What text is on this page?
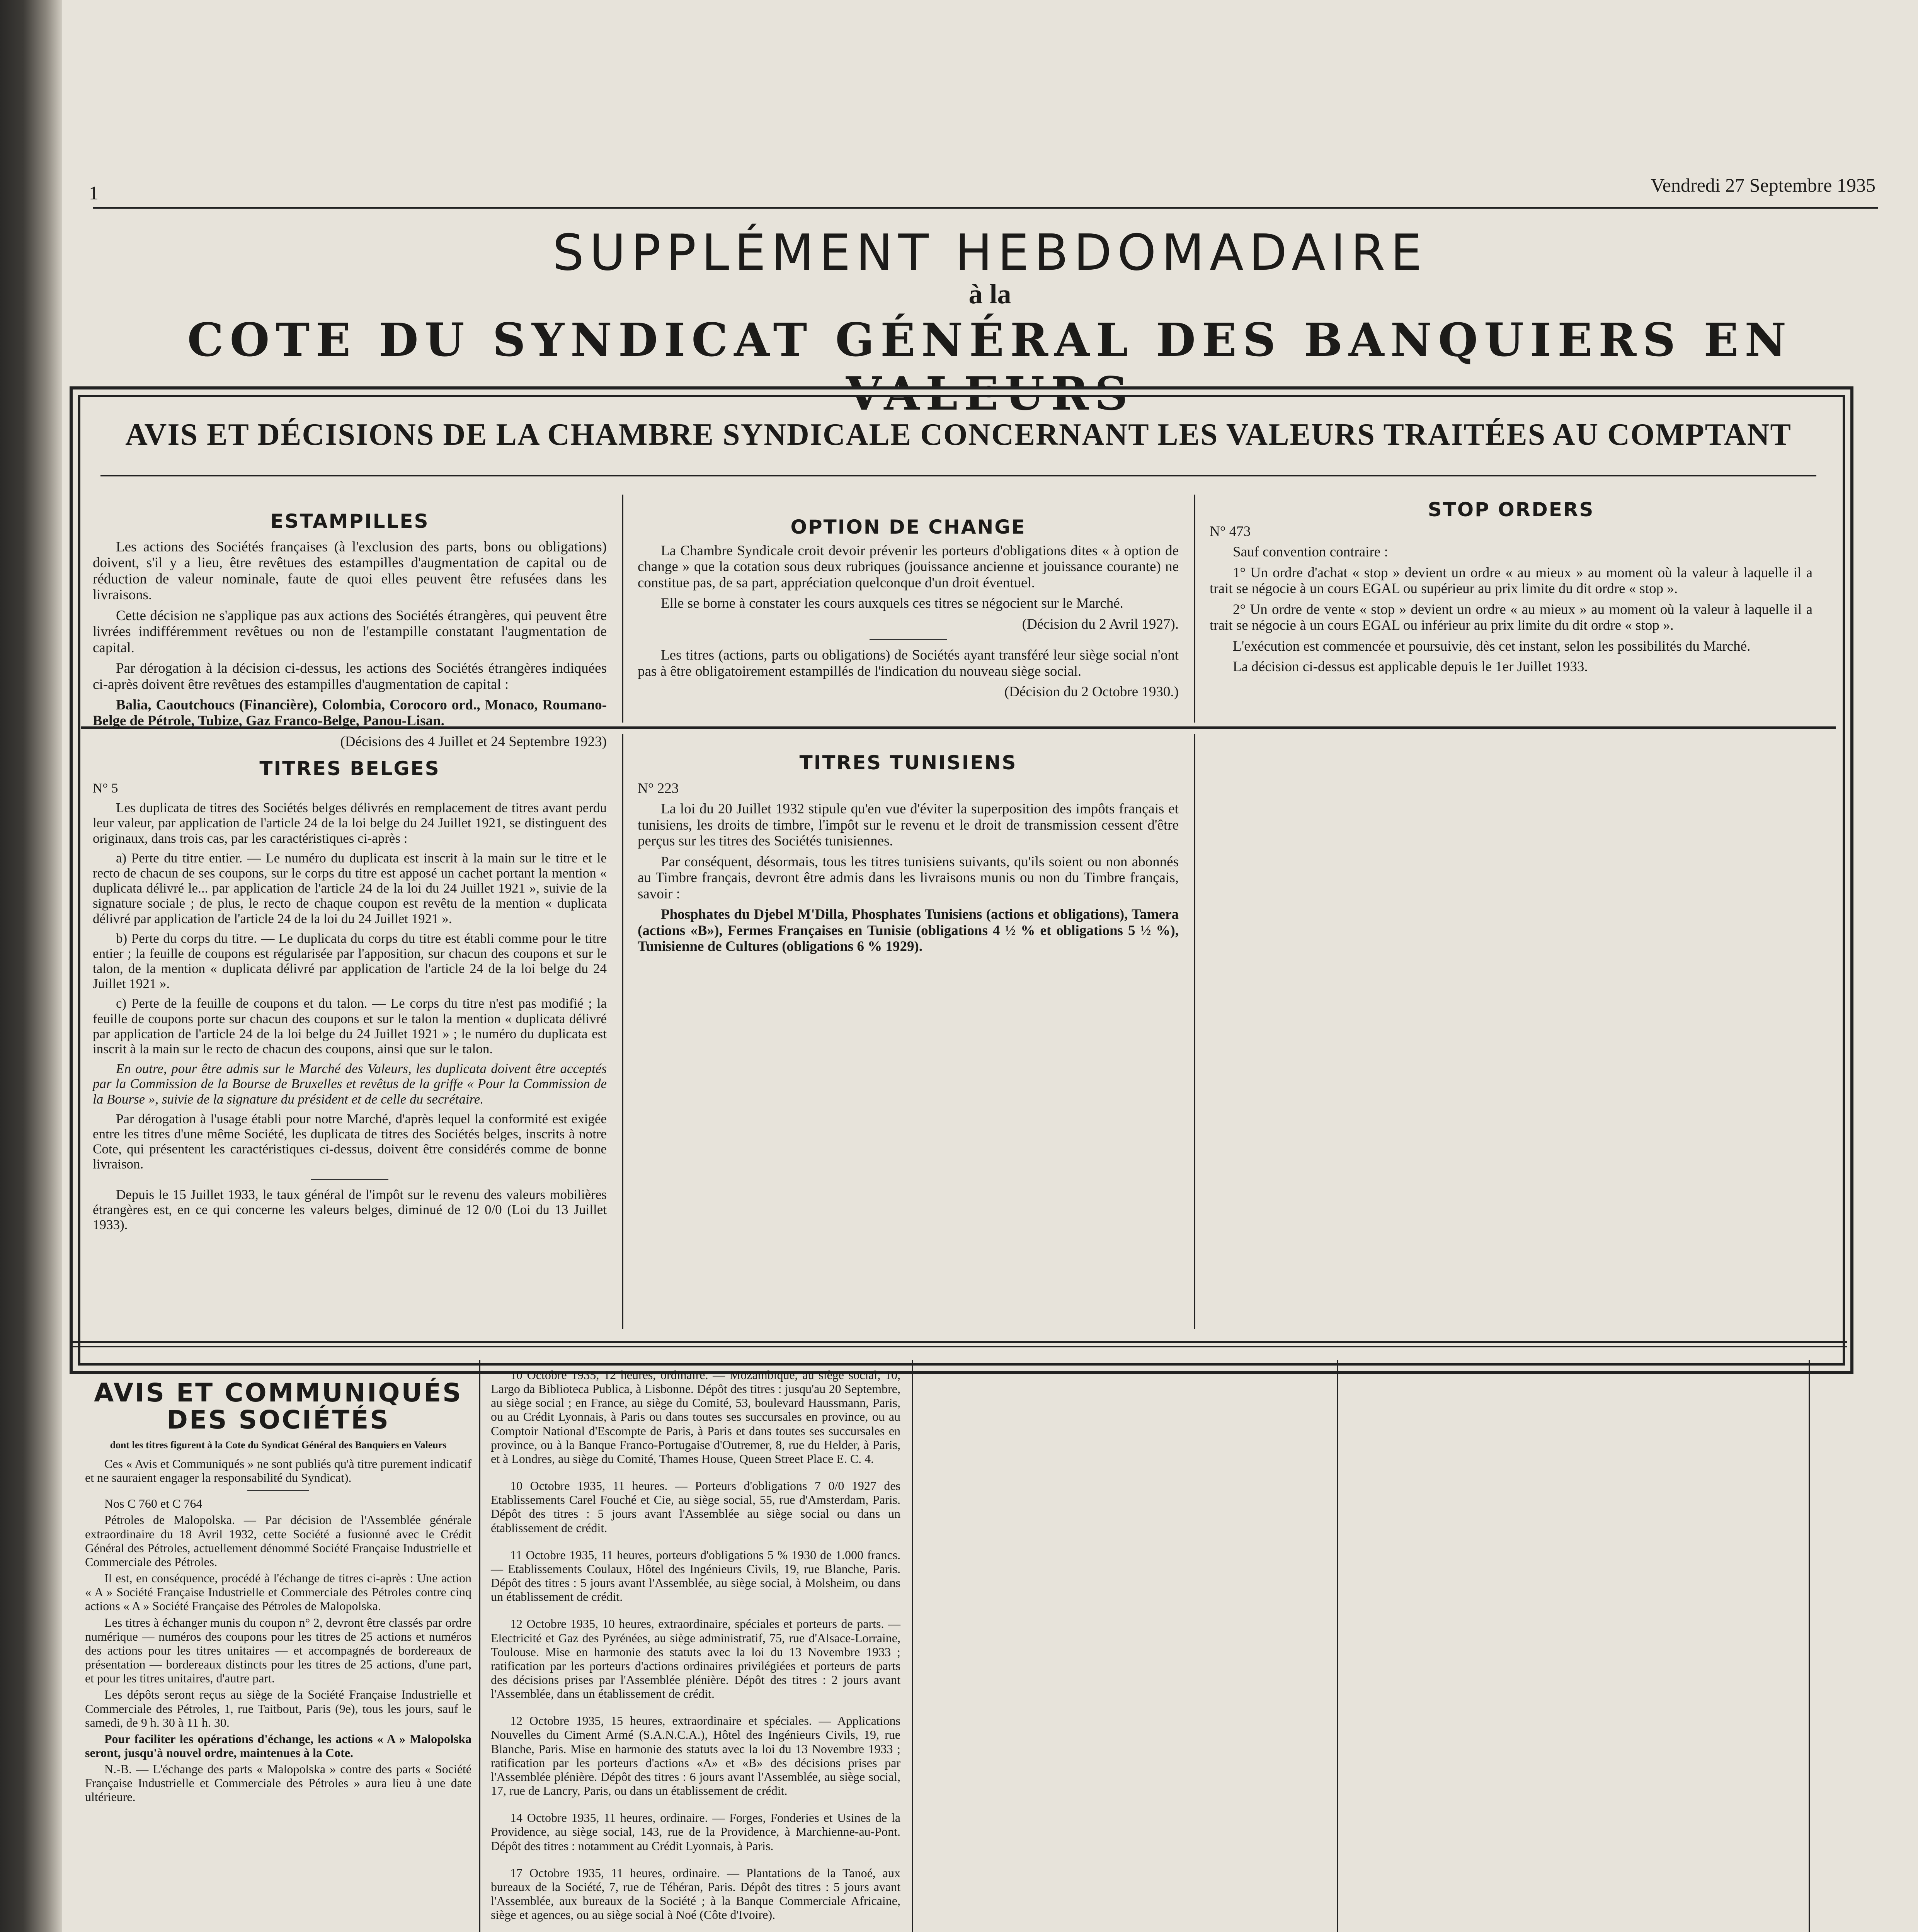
1	Vendredi 27 Septembre 1935
SUPPLÉMENT HEBDOMADAIRE
à la
COTE DU SYNDICAT GÉNÉRAL DES BANQUIERS EN VALEURS
AVIS ET DÉCISIONS DE LA CHAMBRE SYNDICALE CONCERNANT LES VALEURS TRAITÉES AU COMPTANT
ESTAMPILLES

Les actions des Sociétés françaises (à l'exclusion des parts, bons ou obligations) doivent, s'il y a lieu, être revêtues des estampilles d'augmentation de capital ou de réduction de valeur nominale, faute de quoi elles peuvent être refusées dans les livraisons.

Cette décision ne s'applique pas aux actions des Sociétés étrangères, qui peuvent être livrées indifféremment revêtues ou non de l'estampille constatant l'augmentation de capital.

Par dérogation à la décision ci-dessus, les actions des Sociétés étrangères indiquées ci-après doivent être revêtues des estampilles d'augmentation de capital :

Balia, Caoutchoucs (Financière), Colombia, Corocoro ord., Monaco, Roumano-Belge de Pétrole, Tubize, Gaz Franco-Belge, Panou-Lisan.

(Décisions des 4 Juillet et 24 Septembre 1923)

OPTION DE CHANGE

La Chambre Syndicale croit devoir prévenir les porteurs d'obligations dites « à option de change » que la cotation sous deux rubriques (jouissance ancienne et jouissance courante) ne constitue pas, de sa part, appréciation quelconque d'un droit éventuel.

Elle se borne à constater les cours auxquels ces titres se négocient sur le Marché.

(Décision du 2 Avril 1927).

Les titres (actions, parts ou obligations) de Sociétés ayant transféré leur siège social n'ont pas à être obligatoirement estampillés de l'indication du nouveau siège social.

(Décision du 2 Octobre 1930.)

STOP ORDERS

N° 473

Sauf convention contraire :

1° Un ordre d'achat « stop » devient un ordre « au mieux » au moment où la valeur à laquelle il a trait se négocie à un cours EGAL ou supérieur au prix limite du dit ordre « stop ».

2° Un ordre de vente « stop » devient un ordre « au mieux » au moment où la valeur à laquelle il a trait se négocie à un cours EGAL ou inférieur au prix limite du dit ordre « stop ».

L'exécution est commencée et poursuivie, dès cet instant, selon les possibilités du Marché.

La décision ci-dessus est applicable depuis le 1er Juillet 1933.

TITRES BELGES

N° 5

Les duplicata de titres des Sociétés belges délivrés en remplacement de titres avant perdu leur valeur, par application de l'article 24 de la loi belge du 24 Juillet 1921, se distinguent des originaux, dans trois cas, par les caractéristiques ci-après :

a) Perte du titre entier. — Le numéro du duplicata est inscrit à la main sur le titre et le recto de chacun de ses coupons, sur le corps du titre est apposé un cachet portant la mention « duplicata délivré le... par application de l'article 24 de la loi du 24 Juillet 1921 », suivie de la signature sociale ; de plus, le recto de chaque coupon est revêtu de la mention « duplicata délivré par application de l'article 24 de la loi du 24 Juillet 1921 ».

b) Perte du corps du titre. — Le duplicata du corps du titre est établi comme pour le titre entier ; la feuille de coupons est régularisée par l'apposition, sur chacun des coupons et sur le talon, de la mention « duplicata délivré par application de l'article 24 de la loi belge du 24 Juillet 1921 ».

c) Perte de la feuille de coupons et du talon. — Le corps du titre n'est pas modifié ; la feuille de coupons porte sur chacun des coupons et sur le talon la mention « duplicata délivré par application de l'article 24 de la loi belge du 24 Juillet 1921 » ; le numéro du duplicata est inscrit à la main sur le recto de chacun des coupons, ainsi que sur le talon.

En outre, pour être admis sur le Marché des Valeurs, les duplicata doivent être acceptés par la Commission de la Bourse de Bruxelles et revêtus de la griffe « Pour la Commission de la Bourse », suivie de la signature du président et de celle du secrétaire.

Par dérogation à l'usage établi pour notre Marché, d'après lequel la conformité est exigée entre les titres d'une même Société, les duplicata de titres des Sociétés belges, inscrits à notre Cote, qui présentent les caractéristiques ci-dessus, doivent être considérés comme de bonne livraison.

Depuis le 15 Juillet 1933, le taux général de l'impôt sur le revenu des valeurs mobilières étrangères est, en ce qui concerne les valeurs belges, diminué de 12 0/0 (Loi du 13 Juillet 1933).

TITRES TUNISIENS

N° 223

La loi du 20 Juillet 1932 stipule qu'en vue d'éviter la superposition des impôts français et tunisiens, les droits de timbre, l'impôt sur le revenu et le droit de transmission cessent d'être perçus sur les titres des Sociétés tunisiennes.

Par conséquent, désormais, tous les titres tunisiens suivants, qu'ils soient ou non abonnés au Timbre français, devront être admis dans les livraisons munis ou non du Timbre français, savoir :

Phosphates du Djebel M'Dilla, Phosphates Tunisiens (actions et obligations), Tamera (actions «B»), Fermes Françaises en Tunisie (obligations 4 ½ % et obligations 5 ½ %), Tunisienne de Cultures (obligations 6 % 1929).

AVIS ET COMMUNIQUÉS
DES SOCIÉTÉS
dont les titres figurent à la Cote du Syndicat Général des Banquiers en Valeurs

Ces « Avis et Communiqués » ne sont publiés qu'à titre purement indicatif et ne sauraient engager la responsabilité du Syndicat).

Nos C 760 et C 764

Pétroles de Malopolska. — Par décision de l'Assemblée générale extraordinaire du 18 Avril 1932, cette Société a fusionné avec le Crédit Général des Pétroles, actuellement dénommé Société Française Industrielle et Commerciale des Pétroles.

Il est, en conséquence, procédé à l'échange de titres ci-après : Une action « A » Société Française Industrielle et Commerciale des Pétroles contre cinq actions « A » Société Française des Pétroles de Malopolska.

Les titres à échanger munis du coupon n° 2, devront être classés par ordre numérique — numéros des coupons pour les titres de 25 actions et numéros des actions pour les titres unitaires — et accompagnés de bordereaux de présentation — bordereaux distincts pour les titres de 25 actions, d'une part, et pour les titres unitaires, d'autre part.

Les dépôts seront reçus au siège de la Société Française Industrielle et Commerciale des Pétroles, 1, rue Taitbout, Paris (9e), tous les jours, sauf le samedi, de 9 h. 30 à 11 h. 30.

Pour faciliter les opérations d'échange, les actions « A » Malopolska seront, jusqu'à nouvel ordre, maintenues à la Cote.

N.-B. — L'échange des parts « Malopolska » contre des parts « Société Française Industrielle et Commerciale des Pétroles » aura lieu à une date ultérieure.

10 Octobre 1935, 12 heures, ordinaire. — Mozambique, au siège social, 10, Largo da Biblioteca Publica, à Lisbonne. Dépôt des titres : jusqu'au 20 Septembre, au siège social ; en France, au siège du Comité, 53, boulevard Haussmann, Paris, ou au Crédit Lyonnais, à Paris ou dans toutes ses succursales en province, ou au Comptoir National d'Escompte de Paris, à Paris et dans toutes ses succursales en province, ou à la Banque Franco-Portugaise d'Outremer, 8, rue du Helder, à Paris, et à Londres, au siège du Comité, Thames House, Queen Street Place E. C. 4.

10 Octobre 1935, 11 heures. — Porteurs d'obligations 7 0/0 1927 des Etablissements Carel Fouché et Cie, au siège social, 55, rue d'Amsterdam, Paris. Dépôt des titres : 5 jours avant l'Assemblée au siège social ou dans un établissement de crédit.

11 Octobre 1935, 11 heures, porteurs d'obligations 5 % 1930 de 1.000 francs. — Etablissements Coulaux, Hôtel des Ingénieurs Civils, 19, rue Blanche, Paris. Dépôt des titres : 5 jours avant l'Assemblée, au siège social, à Molsheim, ou dans un établissement de crédit.

12 Octobre 1935, 10 heures, extraordinaire, spéciales et porteurs de parts. — Electricité et Gaz des Pyrénées, au siège administratif, 75, rue d'Alsace-Lorraine, Toulouse. Mise en harmonie des statuts avec la loi du 13 Novembre 1933 ; ratification par les porteurs d'actions ordinaires privilégiées et porteurs de parts des décisions prises par l'Assemblée plénière. Dépôt des titres : 2 jours avant l'Assemblée, dans un établissement de crédit.

12 Octobre 1935, 15 heures, extraordinaire et spéciales. — Applications Nouvelles du Ciment Armé (S.A.N.C.A.), Hôtel des Ingénieurs Civils, 19, rue Blanche, Paris. Mise en harmonie des statuts avec la loi du 13 Novembre 1933 ; ratification par les porteurs d'actions «A» et «B» des décisions prises par l'Assemblée plénière. Dépôt des titres : 6 jours avant l'Assemblée, au siège social, 17, rue de Lancry, Paris, ou dans un établissement de crédit.

14 Octobre 1935, 11 heures, ordinaire. — Forges, Fonderies et Usines de la Providence, au siège social, 143, rue de la Providence, à Marchienne-au-Pont. Dépôt des titres : notamment au Crédit Lyonnais, à Paris.

17 Octobre 1935, 11 heures, ordinaire. — Plantations de la Tanoé, aux bureaux de la Société, 7, rue de Téhéran, Paris. Dépôt des titres : 5 jours avant l'Assemblée, aux bureaux de la Société ; à la Banque Commerciale Africaine, siège et agences, ou au siège social à Noé (Côte d'Ivoire).
